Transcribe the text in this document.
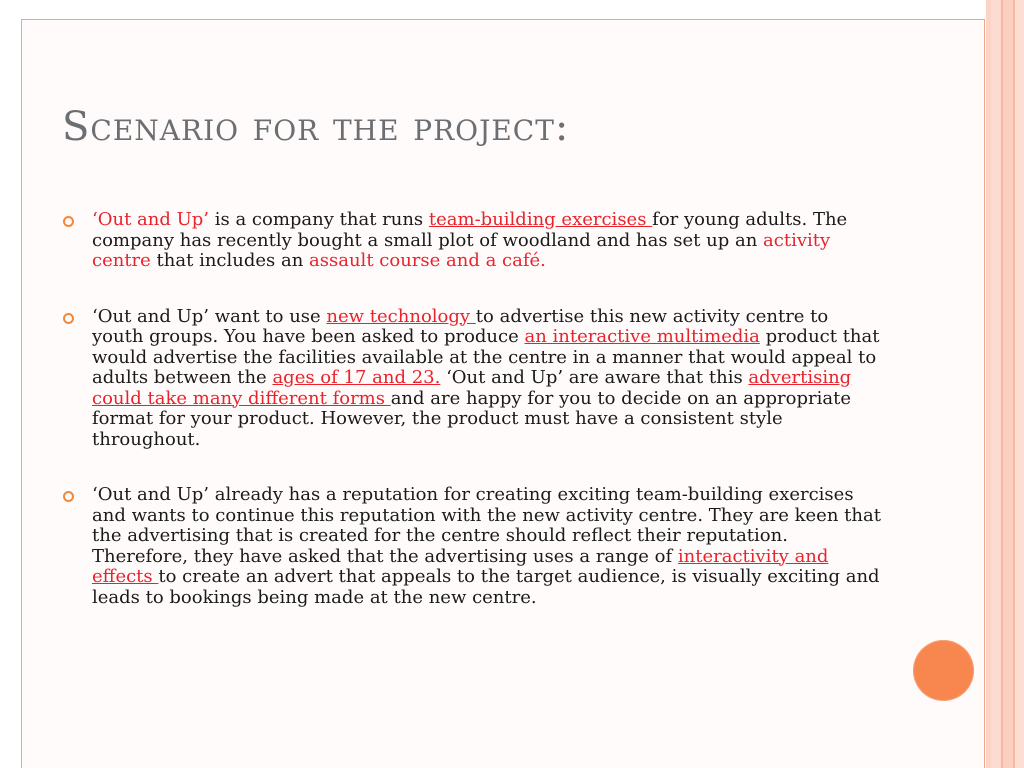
Scenario for the project:
‘Out and Up’ is a company that runs team-building exercises for young adults. The company has recently bought a small plot of woodland and has set up an activity centre that includes an assault course and a café.
‘Out and Up’ want to use new technology to advertise this new activity centre to youth groups. You have been asked to produce an interactive multimedia product that would advertise the facilities available at the centre in a manner that would appeal to adults between the ages of 17 and 23. ‘Out and Up’ are aware that this advertising could take many different forms and are happy for you to decide on an appropriate format for your product. However, the product must have a consistent style throughout.
‘Out and Up’ already has a reputation for creating exciting team-building exercises and wants to continue this reputation with the new activity centre. They are keen that the advertising that is created for the centre should reflect their reputation. Therefore, they have asked that the advertising uses a range of interactivity and effects to create an advert that appeals to the target audience, is visually exciting and leads to bookings being made at the new centre.
